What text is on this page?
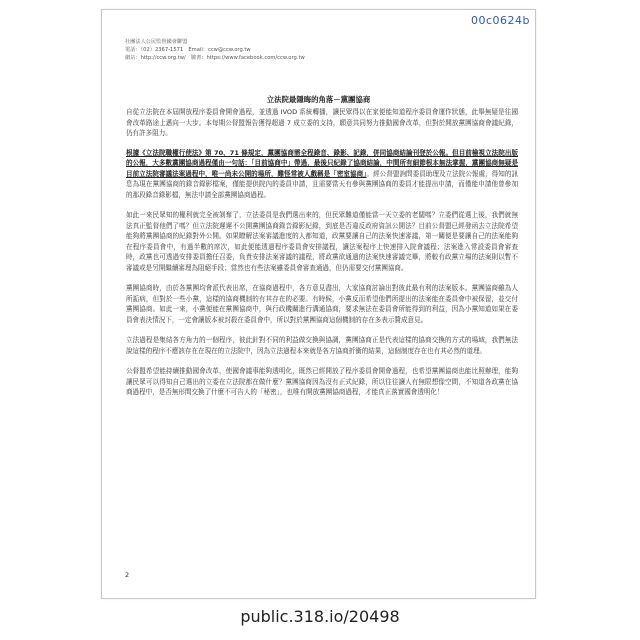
00c0624b
社團法人公民監督國會聯盟
電話：（02）2367-1571　Email：ccw@ccw.org.tw
網站：http://ccw.org.tw/　臉書：https://www.facebook.com/ccw.org.tw
立法院最隱晦的角落－黨團協商

自從立法院在本屆開放程序委員會開會過程，並透過 IVOD 系統轉播，讓民眾得以在家便能知道程序委員會運作狀態，此舉無疑是往國會改革路途上邁向一大步。本每期公督盟報告獲得超過 7 成立委的支持，願意共同努力推動國會改革，但對於開放黨團協商會議紀錄，仍有許多阻力。

根據《立法院職權行使法》第 70、71 條規定，黨團協商需全程錄音、錄影、記錄，併同協商結論刊登於公報。但目前檢視立法院出版的公報，大多數黨團協商過程僅由一句話：「目前協商中」帶過，最後只紀錄了協商結論，中間所有細節根本無法掌握，黨團協商無疑是目前立法院審議法案過程中，唯一尚未公開的場所，難怪常被人戲稱是「密室協商」。經公督盟詢問委員助理及立法院公報處，得知的訊息為現在黨團協商的錄音錄影檔案，僅能提供院內的委員申請，且需要當天有參與黨團協商的委員才能提出申請，而僅能申請他曾參加的那段錄音錄影檔，無法申請全部黨團協商過程。

如此一來民眾知的權利就完全被剝奪了，立法委員是我們選出來的，但民眾難道僅能當一天立委的老闆嗎？立委們從選上後，我們就無法真正監督他們了嗎？但立法院遲遲不公開黨團協商錄音錄影紀錄，到底是否違反政府資訊公開法？目前公督盟已經發函去立法院希望能夠將黨團協商的紀錄對外公開。如果瞭解法案審議進度的人都知道，政黨要讓自己的法案快速審議，第一關便是要讓自己的法案能夠在程序委員會中，有過半數的席次，如此便能透過程序委員會安排議程，讓法案程序上快速排入院會議程；法案進入常設委員會審查時，政黨也可透過安排委員擔任召委，負責安排法案審議的議程，將政黨欲通過的法案快速審議完畢，將較有政黨立場的法案則以暫不審議或是另開繼續審理為阻絕手段；當然也有些法案雖委員會審查通過，但仍需要交付黨團協商。

黨團協商時，由於各黨團均會派代表出席，在協商過程中，各方意見盡出，大家協商討論出對彼此最有利的法案版本。黨團協商雖為人所詬病，但對於一些小黨，這樣的協商機制的有其存在的必要。有時候，小黨反而希望他們所提出的法案能在委員會中被保留，並交付黨團協商。如此一來，小黨便能在黨團協商中，與行政機關進行溝通協商，要求無法在委員會所能得到的利益，因為小黨知道如果在委員會表決情況下，一定會讓版本被封殺在委員會中，所以對於黨團協商這個機制的存在多表示贊成意見。

立法過程是集結各方角力的一個程序，彼此針對不同的利益做交換與協調，黨團協商正是代表這樣的協商交換的方式的場域，我們無法說這樣的程序不應該存在在現在的立法院中，因為立法過程本來就是各方協商折衝的結果，這個制度存在也有其必然的道理。

公督盟希望能持續推動國會改革，使國會議事能夠透明化，既然已經開放了程序委員會開會過程，也希望黨團協商也能比照辦理，能夠讓民眾可以得知自己選出的立委在立法院都在做什麼？黨團協商因為沒有正式紀錄，所以往往讓人有無限想像空間，不知道各政黨在協商過程中，是否無形間交換了什麼不可告人的「秘密」，也唯有開放黨團協商過程，才能真正落實國會透明化！

2
public.318.io/20498
